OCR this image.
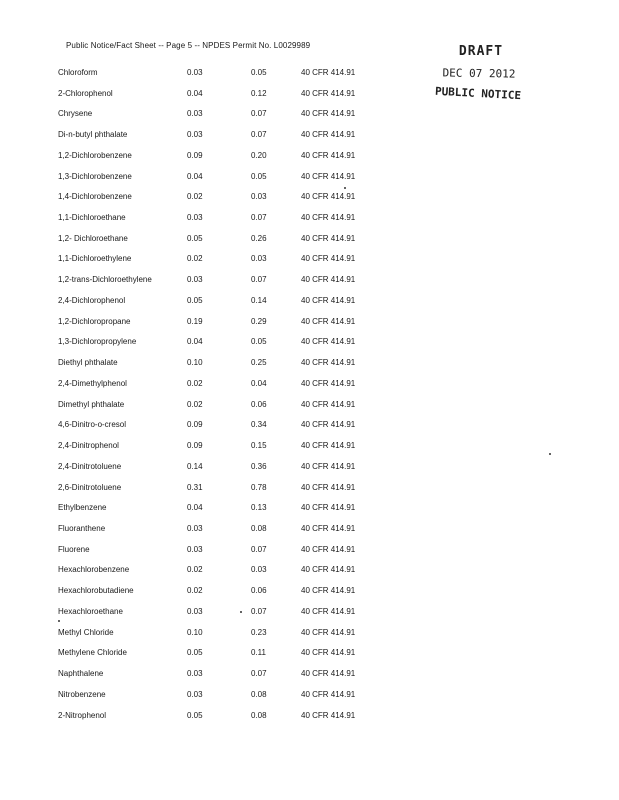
Public Notice/Fact Sheet -- Page 5 -- NPDES Permit No. L0029989	DRAFT
DEC 07 2012
PUBLIC NOTICE
Chloroform	0.03	0.05	40 CFR 414.91
2-Chlorophenol	0.04	0.12	40 CFR 414.91
Chrysene	0.03	0.07	40 CFR 414.91
Di-n-butyl phthalate	0.03	0.07	40 CFR 414.91
1,2-Dichlorobenzene	0.09	0.20	40 CFR 414.91
1,3-Dichlorobenzene	0.04	0.05	40 CFR 414.91
1,4-Dichlorobenzene	0.02	0.03	40 CFR 414.91
1,1-Dichloroethane	0.03	0.07	40 CFR 414.91
1,2- Dichloroethane	0.05	0.26	40 CFR 414.91
1,1-Dichloroethylene	0.02	0.03	40 CFR 414.91
1,2-trans-Dichloroethylene	0.03	0.07	40 CFR 414.91
2,4-Dichlorophenol	0.05	0.14	40 CFR 414.91
1,2-Dichloropropane	0.19	0.29	40 CFR 414.91
1,3-Dichloropropylene	0.04	0.05	40 CFR 414.91
Diethyl phthalate	0.10	0.25	40 CFR 414.91
2,4-Dimethylphenol	0.02	0.04	40 CFR 414.91
Dimethyl phthalate	0.02	0.06	40 CFR 414.91
4,6-Dinitro-o-cresol	0.09	0.34	40 CFR 414.91
2,4-Dinitrophenol	0.09	0.15	40 CFR 414.91
2,4-Dinitrotoluene	0.14	0.36	40 CFR 414.91
2,6-Dinitrotoluene	0.31	0.78	40 CFR 414.91
Ethylbenzene	0.04	0.13	40 CFR 414.91
Fluoranthene	0.03	0.08	40 CFR 414.91
Fluorene	0.03	0.07	40 CFR 414.91
Hexachlorobenzene	0.02	0.03	40 CFR 414.91
Hexachlorobutadiene	0.02	0.06	40 CFR 414.91
Hexachloroethane	0.03	0.07	40 CFR 414.91
Methyl Chloride	0.10	0.23	40 CFR 414.91
Methylene Chloride	0.05	0.11	40 CFR 414.91
Naphthalene	0.03	0.07	40 CFR 414.91
Nitrobenzene	0.03	0.08	40 CFR 414.91
2-Nitrophenol	0.05	0.08	40 CFR 414.91
